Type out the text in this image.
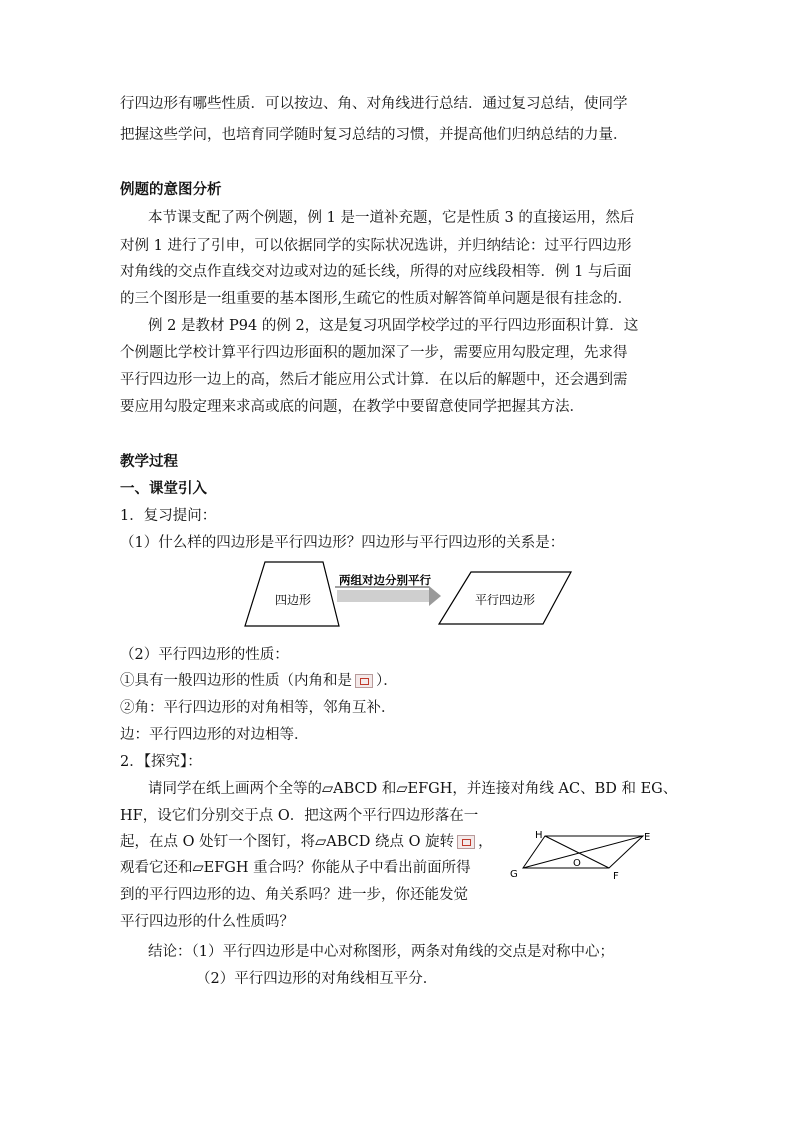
行四边形有哪些性质．可以按边、角、对角线进行总结．通过复习总结，使同学
把握这些学问，也培育同学随时复习总结的习惯，并提高他们归纳总结的力量．
例题的意图分析
本节课支配了两个例题，例 1 是一道补充题，它是性质 3 的直接运用，然后
对例 1 进行了引申，可以依据同学的实际状况选讲，并归纳结论：过平行四边形
对角线的交点作直线交对边或对边的延长线，所得的对应线段相等．例 1 与后面
的三个图形是一组重要的基本图形,生疏它的性质对解答简单问题是很有挂念的．
例 2 是教材 P94 的例 2，这是复习巩固学校学过的平行四边形面积计算．这
个例题比学校计算平行四边形面积的题加深了一步，需要应用勾股定理，先求得
平行四边形一边上的高，然后才能应用公式计算．在以后的解题中，还会遇到需
要应用勾股定理来求高或底的问题，在教学中要留意使同学把握其方法．
教学过程
一、课堂引入
1．复习提问：
（1）什么样的四边形是平行四边形？四边形与平行四边形的关系是：
四边形
两组对边分别平行
平行四边形
（2）平行四边形的性质：
①具有一般四边形的性质（内角和是 ）．
②角：平行四边形的对角相等，邻角互补．
边：平行四边形的对边相等．
2．【探究】：
请同学在纸上画两个全等的▱ABCD 和▱EFGH，并连接对角线 AC、BD 和 EG、
HF，设它们分别交于点 O．把这两个平行四边形落在一
起，在点 O 处钉一个图钉，将▱ABCD 绕点 O 旋转 ，
观看它还和▱EFGH 重合吗？你能从子中看出前面所得
到的平行四边形的边、角关系吗？进一步，你还能发觉
平行四边形的什么性质吗？
H	E
G	F
O
结论：（1）平行四边形是中心对称图形，两条对角线的交点是对称中心；
（2）平行四边形的对角线相互平分．
